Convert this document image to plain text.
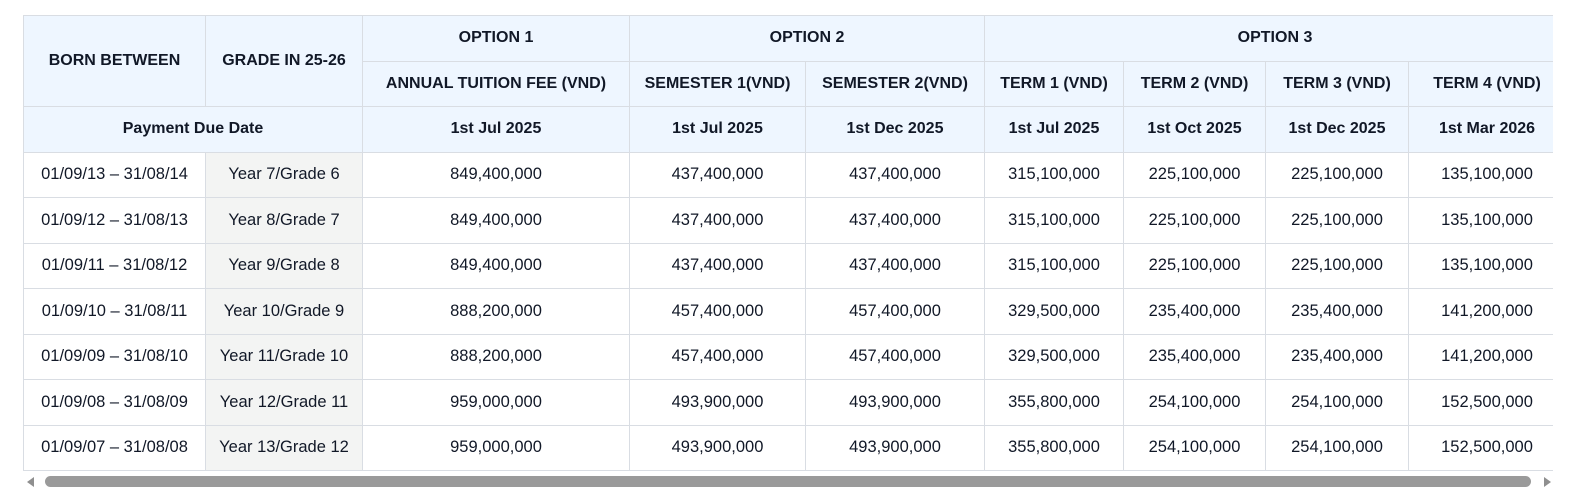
BORN BETWEEN	GRADE IN 25-26	OPTION 1	OPTION 2		OPTION 3			
		ANNUAL TUITION FEE (VND)	SEMESTER 1(VND)	SEMESTER 2(VND)	TERM 1 (VND)	TERM 2 (VND)	TERM 3 (VND)	TERM 4 (VND)
Payment Due Date		1st Jul 2025	1st Jul 2025	1st Dec 2025	1st Jul 2025	1st Oct 2025	1st Dec 2025	1st Mar 2026
01/09/13 – 31/08/14	Year 7/Grade 6	849,400,000	437,400,000	437,400,000	315,100,000	225,100,000	225,100,000	135,100,000
01/09/12 – 31/08/13	Year 8/Grade 7	849,400,000	437,400,000	437,400,000	315,100,000	225,100,000	225,100,000	135,100,000
01/09/11 – 31/08/12	Year 9/Grade 8	849,400,000	437,400,000	437,400,000	315,100,000	225,100,000	225,100,000	135,100,000
01/09/10 – 31/08/11	Year 10/Grade 9	888,200,000	457,400,000	457,400,000	329,500,000	235,400,000	235,400,000	141,200,000
01/09/09 – 31/08/10	Year 11/Grade 10	888,200,000	457,400,000	457,400,000	329,500,000	235,400,000	235,400,000	141,200,000
01/09/08 – 31/08/09	Year 12/Grade 11	959,000,000	493,900,000	493,900,000	355,800,000	254,100,000	254,100,000	152,500,000
01/09/07 – 31/08/08	Year 13/Grade 12	959,000,000	493,900,000	493,900,000	355,800,000	254,100,000	254,100,000	152,500,000
